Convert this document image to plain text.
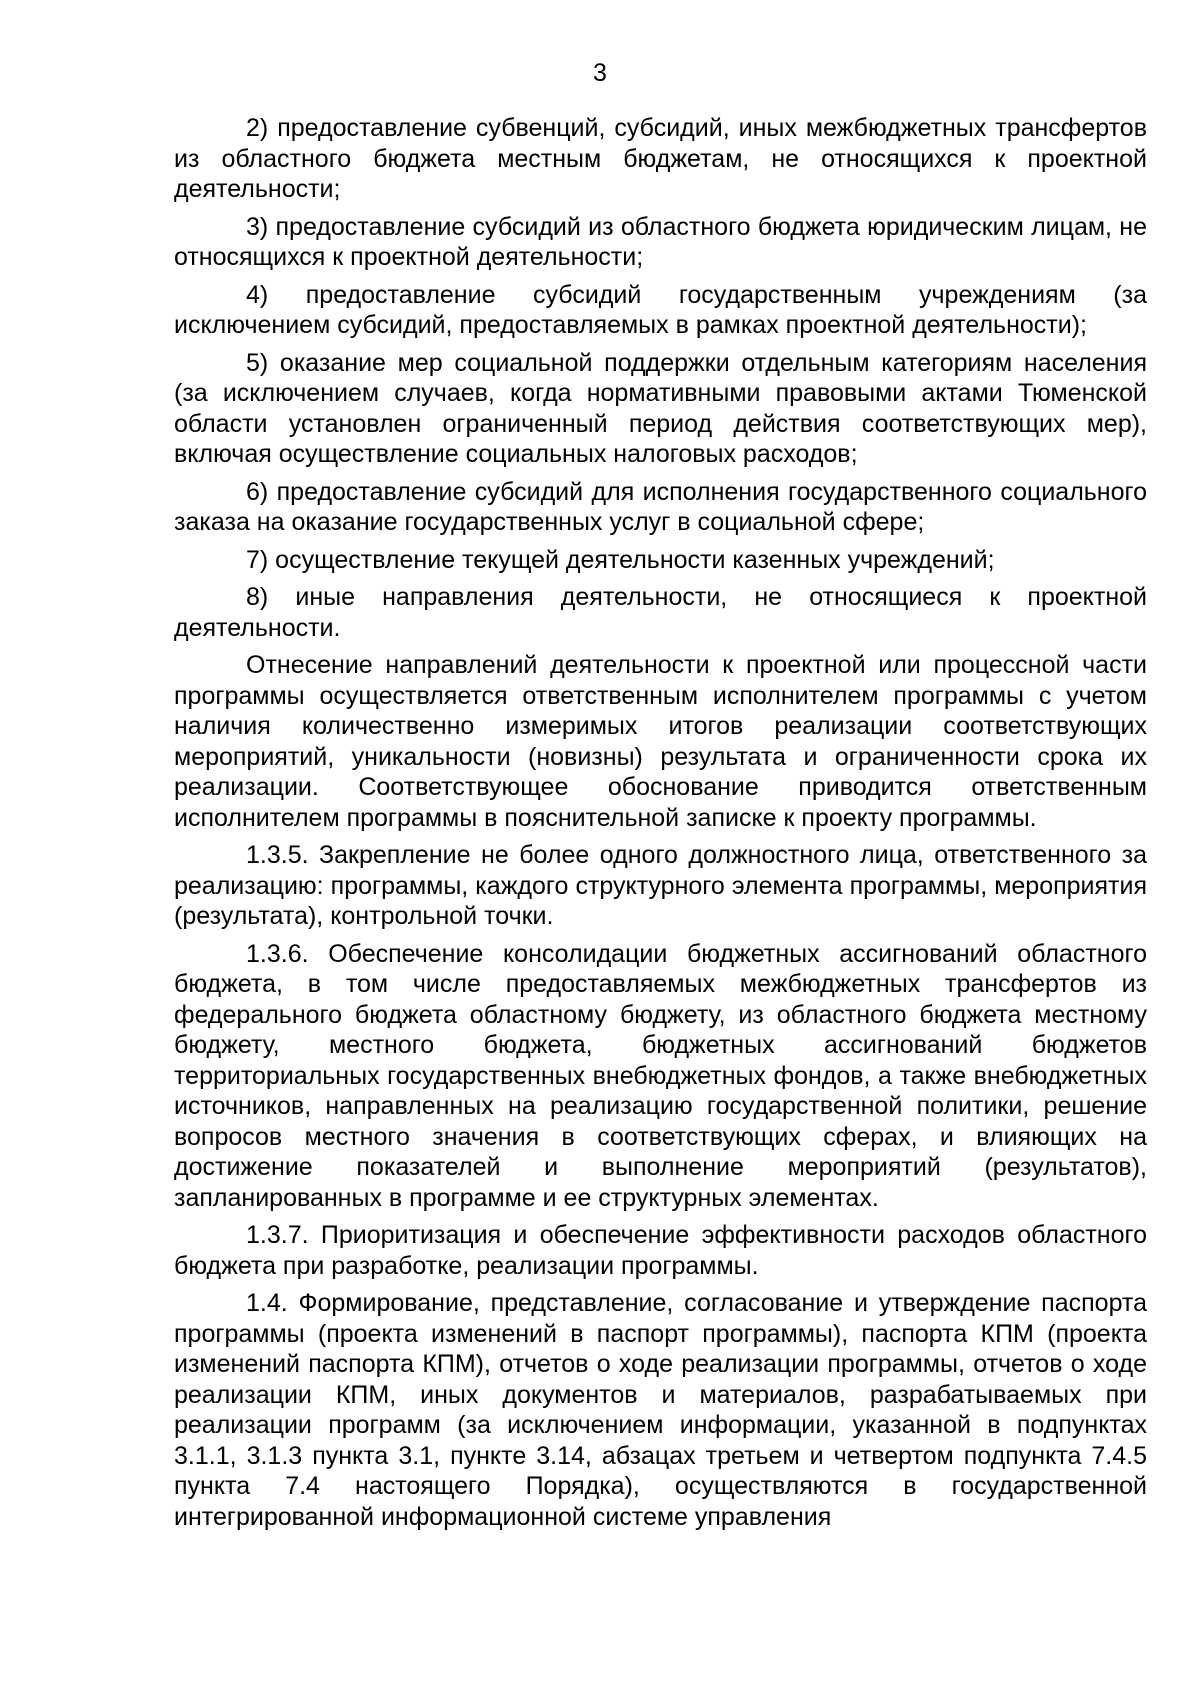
3

2) предоставление субвенций, субсидий, иных межбюджетных трансфертов из областного бюджета местным бюджетам, не относящихся к проектной деятельности;

3) предоставление субсидий из областного бюджета юридическим лицам, не относящихся к проектной деятельности;

4) предоставление субсидий государственным учреждениям (за исключением субсидий, предоставляемых в рамках проектной деятельности);

5) оказание мер социальной поддержки отдельным категориям населения (за исключением случаев, когда нормативными правовыми актами Тюменской области установлен ограниченный период действия соответствующих мер), включая осуществление социальных налоговых расходов;

6) предоставление субсидий для исполнения государственного социального заказа на оказание государственных услуг в социальной сфере;

7) осуществление текущей деятельности казенных учреждений;

8) иные направления деятельности, не относящиеся к проектной деятельности.

Отнесение направлений деятельности к проектной или процессной части программы осуществляется ответственным исполнителем программы с учетом наличия количественно измеримых итогов реализации соответствующих мероприятий, уникальности (новизны) результата и ограниченности срока их реализации. Соответствующее обоснование приводится ответственным исполнителем программы в пояснительной записке к проекту программы.

1.3.5. Закрепление не более одного должностного лица, ответственного за реализацию: программы, каждого структурного элемента программы, мероприятия (результата), контрольной точки.

1.3.6. Обеспечение консолидации бюджетных ассигнований областного бюджета, в том числе предоставляемых межбюджетных трансфертов из федерального бюджета областному бюджету, из областного бюджета местному бюджету, местного бюджета, бюджетных ассигнований бюджетов территориальных государственных внебюджетных фондов, а также внебюджетных источников, направленных на реализацию государственной политики, решение вопросов местного значения в соответствующих сферах, и влияющих на достижение показателей и выполнение мероприятий (результатов), запланированных в программе и ее структурных элементах.

1.3.7. Приоритизация и обеспечение эффективности расходов областного бюджета при разработке, реализации программы.

1.4. Формирование, представление, согласование и утверждение паспорта программы (проекта изменений в паспорт программы), паспорта КПМ (проекта изменений паспорта КПМ), отчетов о ходе реализации программы, отчетов о ходе реализации КПМ, иных документов и материалов, разрабатываемых при реализации программ (за исключением информации, указанной в подпунктах 3.1.1, 3.1.3 пункта 3.1, пункте 3.14, абзацах третьем и четвертом подпункта 7.4.5 пункта 7.4 настоящего Порядка), осуществляются в государственной интегрированной информационной системе управления
